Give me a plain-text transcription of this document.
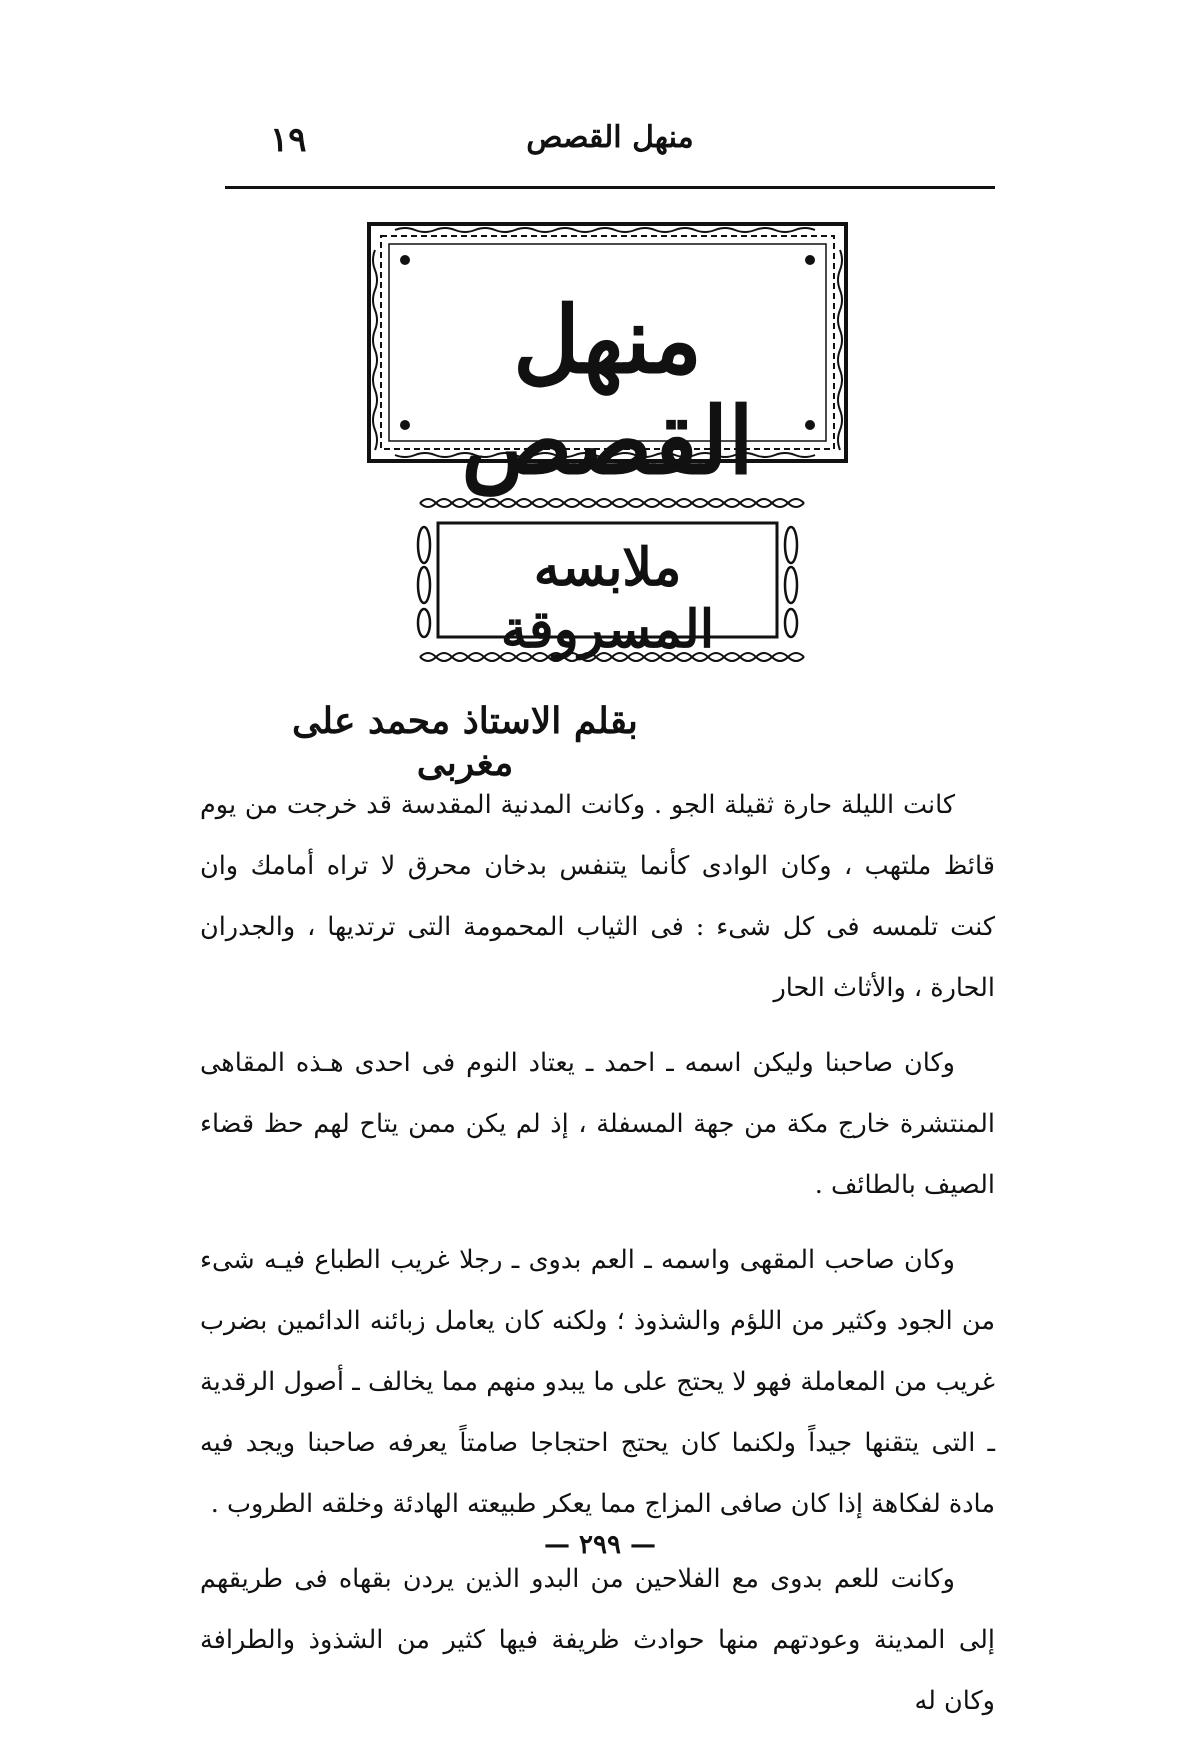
١٩	منهل القصص
منهل القصص
ملابسه المسروقة
بقلم الاستاذ محمد على مغربى

كانت الليلة حارة ثقيلة الجو . وكانت المدنية المقدسة قد خرجت من يوم قائظ ملتهب ، وكان الوادى كأنما يتنفس بدخان محرق لا تراه أمامك وان كنت تلمسه فى كل شىء : فى الثياب المحمومة التى ترتديها ، والجدران الحارة ، والأثاث الحار

وكان صاحبنا وليكن اسمه ـ احمد ـ يعتاد النوم فى احدى هـذه المقاهى المنتشرة خارج مكة من جهة المسفلة ، إذ لم يكن ممن يتاح لهم حظ قضاء الصيف بالطائف .

وكان صاحب المقهى واسمه ـ العم بدوى ـ رجلا غريب الطباع فيـه شىء من الجود وكثير من اللؤم والشذوذ ؛ ولكنه كان يعامل زبائنه الدائمين بضرب غريب من المعاملة فهو لا يحتج على ما يبدو منهم مما يخالف ـ أصول الرقدية ـ التى يتقنها جيداً ولكنما كان يحتج احتجاجا صامتاً يعرفه صاحبنا ويجد فيه مادة لفكاهة إذا كان صافى المزاج مما يعكر طبيعته الهادئة وخلقه الطروب .

وكانت للعم بدوى مع الفلاحين من البدو الذين يردن بقهاه فى طريقهم إلى المدينة وعودتهم منها حوادث ظريفة فيها كثير من الشذوذ والطرافة وكان له

— ٢٩٩ —
